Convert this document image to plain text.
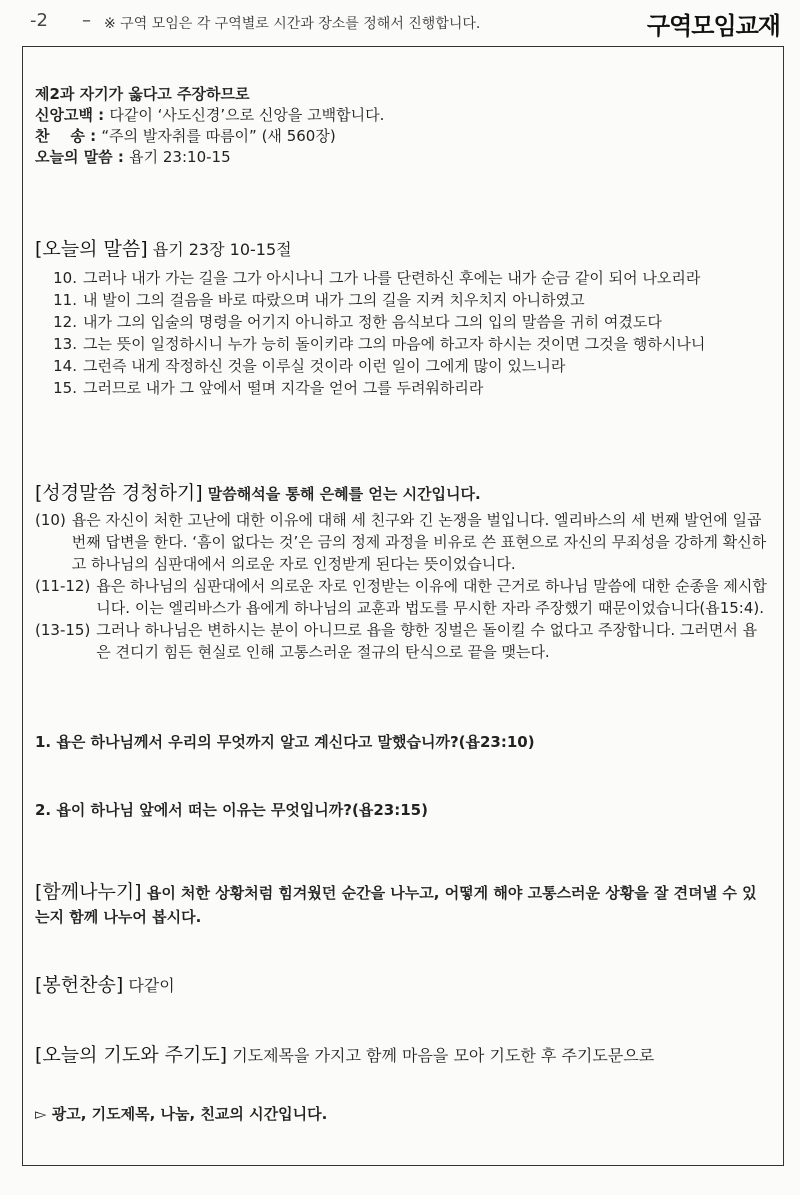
-2 – ※ 구역 모임은 각 구역별로 시간과 장소를 정해서 진행합니다.	구역모임교재
제2과 자기가 옳다고 주장하므로
신앙고백 : 다같이 ‘사도신경’으로 신앙을 고백합니다.
찬    송 : “주의 발자취를 따름이” (새 560장)
오늘의 말씀 : 욥기 23:10-15
[오늘의 말씀] 욥기 23장 10-15절
10. 그러나 내가 가는 길을 그가 아시나니 그가 나를 단련하신 후에는 내가 순금 같이 되어 나오리라
11. 내 발이 그의 걸음을 바로 따랐으며 내가 그의 길을 지켜 치우치지 아니하였고
12. 내가 그의 입술의 명령을 어기지 아니하고 정한 음식보다 그의 입의 말씀을 귀히 여겼도다
13. 그는 뜻이 일정하시니 누가 능히 돌이키랴 그의 마음에 하고자 하시는 것이면 그것을 행하시나니
14. 그런즉 내게 작정하신 것을 이루실 것이라 이런 일이 그에게 많이 있느니라
15. 그러므로 내가 그 앞에서 떨며 지각을 얻어 그를 두려워하리라
[성경말씀 경청하기] 말씀해석을 통해 은혜를 얻는 시간입니다.
(10) 욥은 자신이 처한 고난에 대한 이유에 대해 세 친구와 긴 논쟁을 벌입니다. 엘리바스의 세 번째 발언에 일곱 번째 답변을 한다. ‘흠이 없다는 것’은 금의 정제 과정을 비유로 쓴 표현으로 자신의 무죄성을 강하게 확신하고 하나님의 심판대에서 의로운 자로 인정받게 된다는 뜻이었습니다.
(11-12) 욥은 하나님의 심판대에서 의로운 자로 인정받는 이유에 대한 근거로 하나님 말씀에 대한 순종을 제시합니다. 이는 엘리바스가 욥에게 하나님의 교훈과 법도를 무시한 자라 주장했기 때문이었습니다(욥15:4).
(13-15) 그러나 하나님은 변하시는 분이 아니므로 욥을 향한 징벌은 돌이킬 수 없다고 주장합니다. 그러면서 욥은 견디기 힘든 현실로 인해 고통스러운 절규의 탄식으로 끝을 맺는다.
1. 욥은 하나님께서 우리의 무엇까지 알고 계신다고 말했습니까?(욥23:10)
2. 욥이 하나님 앞에서 떠는 이유는 무엇입니까?(욥23:15)
[함께나누기] 욥이 처한 상황처럼 힘겨웠던 순간을 나누고, 어떻게 해야 고통스러운 상황을 잘 견뎌낼 수 있는지 함께 나누어 봅시다.
[봉헌찬송] 다같이
[오늘의 기도와 주기도] 기도제목을 가지고 함께 마음을 모아 기도한 후 주기도문으로
▻ 광고, 기도제목, 나눔, 친교의 시간입니다.
